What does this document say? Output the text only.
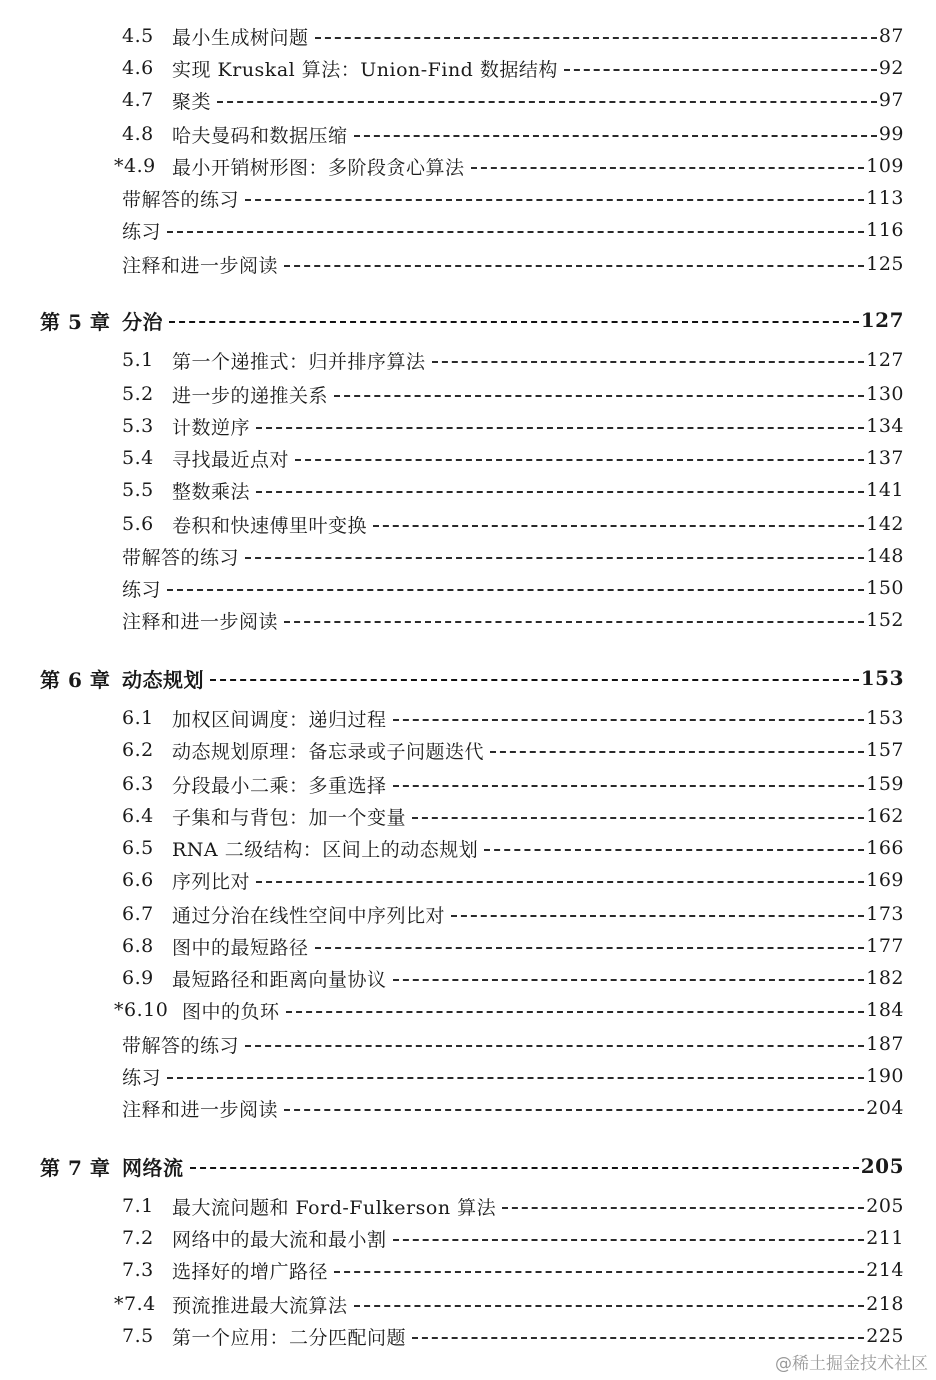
4.5 最小生成树问题	87
4.6 实现 Kruskal 算法：Union-Find 数据结构	92
4.7 聚类	97
4.8 哈夫曼码和数据压缩	99
*4.9 最小开销树形图：多阶段贪心算法	109
带解答的练习	113
练习	116
注释和进一步阅读	125
第 5 章 分治	127
5.1 第一个递推式：归并排序算法	127
5.2 进一步的递推关系	130
5.3 计数逆序	134
5.4 寻找最近点对	137
5.5 整数乘法	141
5.6 卷积和快速傅里叶变换	142
带解答的练习	148
练习	150
注释和进一步阅读	152
第 6 章 动态规划	153
6.1 加权区间调度：递归过程	153
6.2 动态规划原理：备忘录或子问题迭代	157
6.3 分段最小二乘：多重选择	159
6.4 子集和与背包：加一个变量	162
6.5 RNA 二级结构：区间上的动态规划	166
6.6 序列比对	169
6.7 通过分治在线性空间中序列比对	173
6.8 图中的最短路径	177
6.9 最短路径和距离向量协议	182
*6.10 图中的负环	184
带解答的练习	187
练习	190
注释和进一步阅读	204
第 7 章 网络流	205
7.1 最大流问题和 Ford-Fulkerson 算法	205
7.2 网络中的最大流和最小割	211
7.3 选择好的增广路径	214
*7.4 预流推进最大流算法	218
7.5 第一个应用：二分匹配问题	225
@稀土掘金技术社区
